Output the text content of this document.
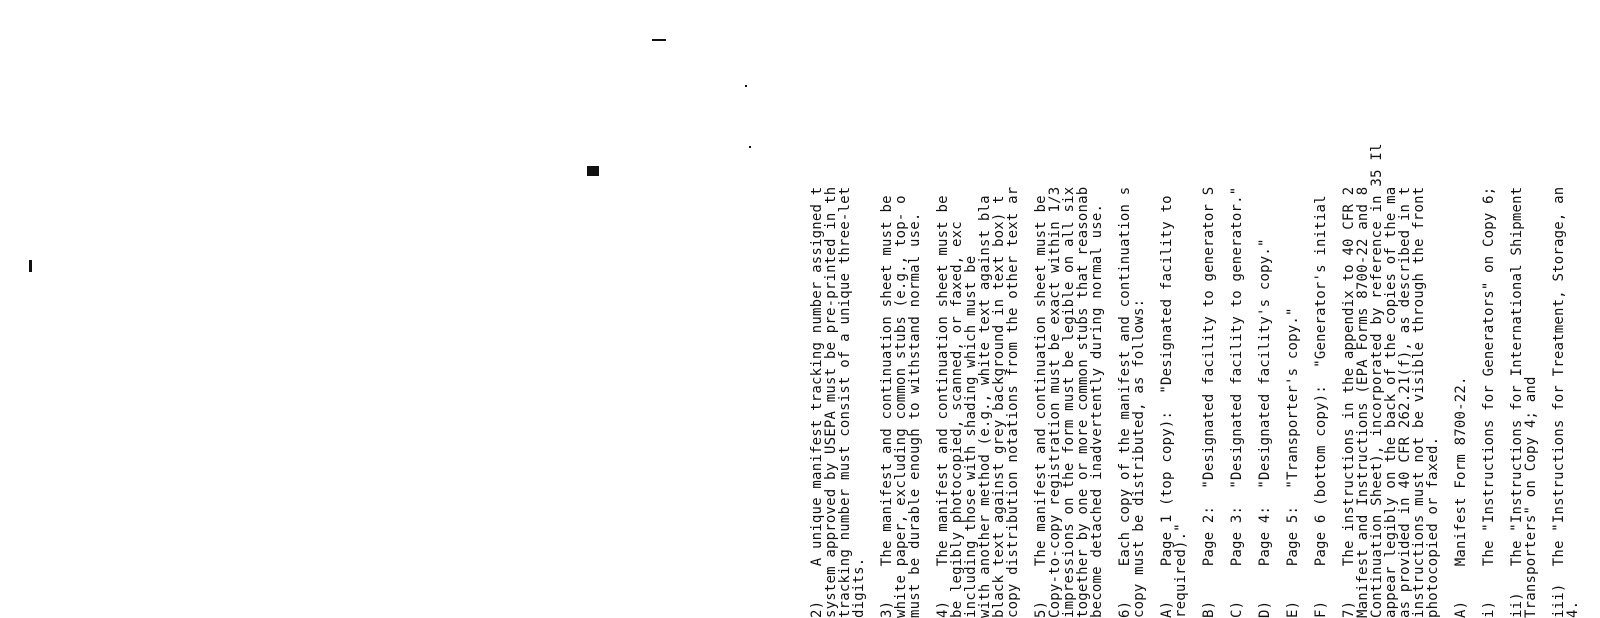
2)    A unique manifest tracking number assigned t
system approved by USEPA must be pre-printed in th
tracking number must consist of a unique three-let
digits. 3)    The manifest and continuation sheet must be
white paper, excluding common stubs (e.g., top- o
must be durable enough to withstand normal use. 4)    The manifest and continuation sheet must be
be legibly photocopied, scanned, or faxed, exc
including those with shading which must be
with another method (e.g., white text against bla
black text against grey background in text box) t
copy distribution notations from the other text ar 5)    The manifest and continuation sheet must be
Copy-to-copy registration must be exact within 1/3
impressions on the form must be legible on all six
together by one or more common stubs that reasonab
become detached inadvertently during normal use. 6)    Each copy of the manifest and continuation s
copy must be distributed, as follows: A)    Page 1 (top copy):  "Designated facility to
required)." B)    Page 2:  "Designated facility to generator S C)    Page 3:  "Designated facility to generator." D)    Page 4:  "Designated facility's copy." E)    Page 5:  "Transporter's copy." F)    Page 6 (bottom copy):  "Generator's initial 7)    The instructions in the appendix to 40 CFR 2
Manifest and Instructions (EPA Forms 8700-22 and 8
Continuation Sheet), incorporated by reference in 35 Il
appear legibly on the back of the copies of the ma
as provided in 40 CFR 262.21(f), as described in t
instructions must not be visible through the front
photocopied or faxed. A)    Manifest Form 8700-22. i)    The "Instructions for Generators" on Copy 6; ii)   The "Instructions for International Shipment
Transporters" on Copy 4; and iii)  The "Instructions for Treatment, Storage, an
4.
